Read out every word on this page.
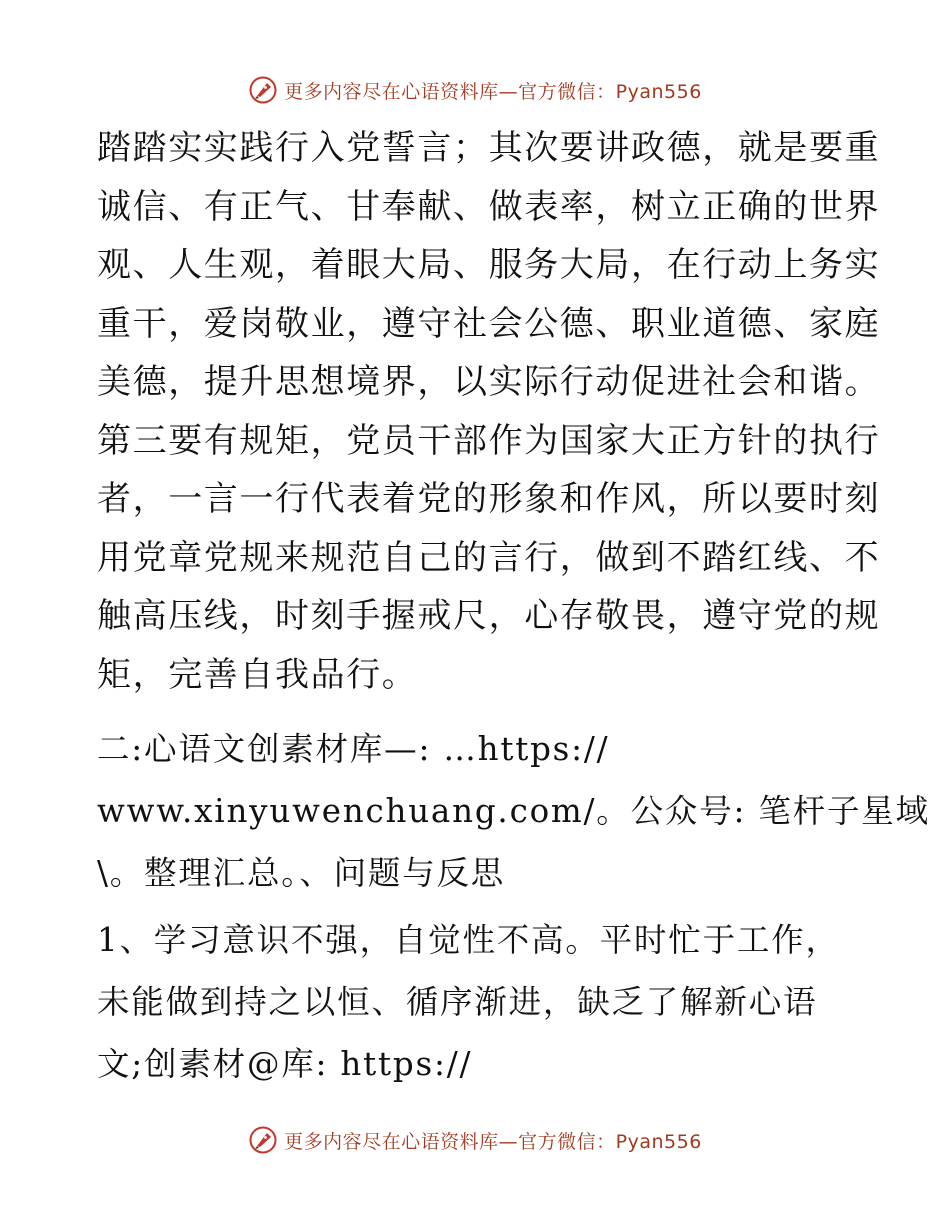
更多内容尽在心语资料库—官方微信：Pyan556
踏踏实实践行入党誓言；其次要讲政德，就是要重
诚信、有正气、甘奉献、做表率，树立正确的世界
观、人生观，着眼大局、服务大局，在行动上务实
重干，爱岗敬业，遵守社会公德、职业道德、家庭
美德，提升思想境界，以实际行动促进社会和谐。
第三要有规矩，党员干部作为国家大正方针的执行
者，一言一行代表着党的形象和作风，所以要时刻
用党章党规来规范自己的言行，做到不踏红线、不
触高压线，时刻手握戒尺，心存敬畏，遵守党的规
矩，完善自我品行。
二:心语文创素材库—: …https://
www.xinyuwenchuang.com/。公众号: 笔杆子星域
\。整理汇总。、问题与反思
1、学习意识不强，自觉性不高。平时忙于工作，
未能做到持之以恒、循序渐进，缺乏了解新心语
文;创素材@库: https://
更多内容尽在心语资料库—官方微信：Pyan556
